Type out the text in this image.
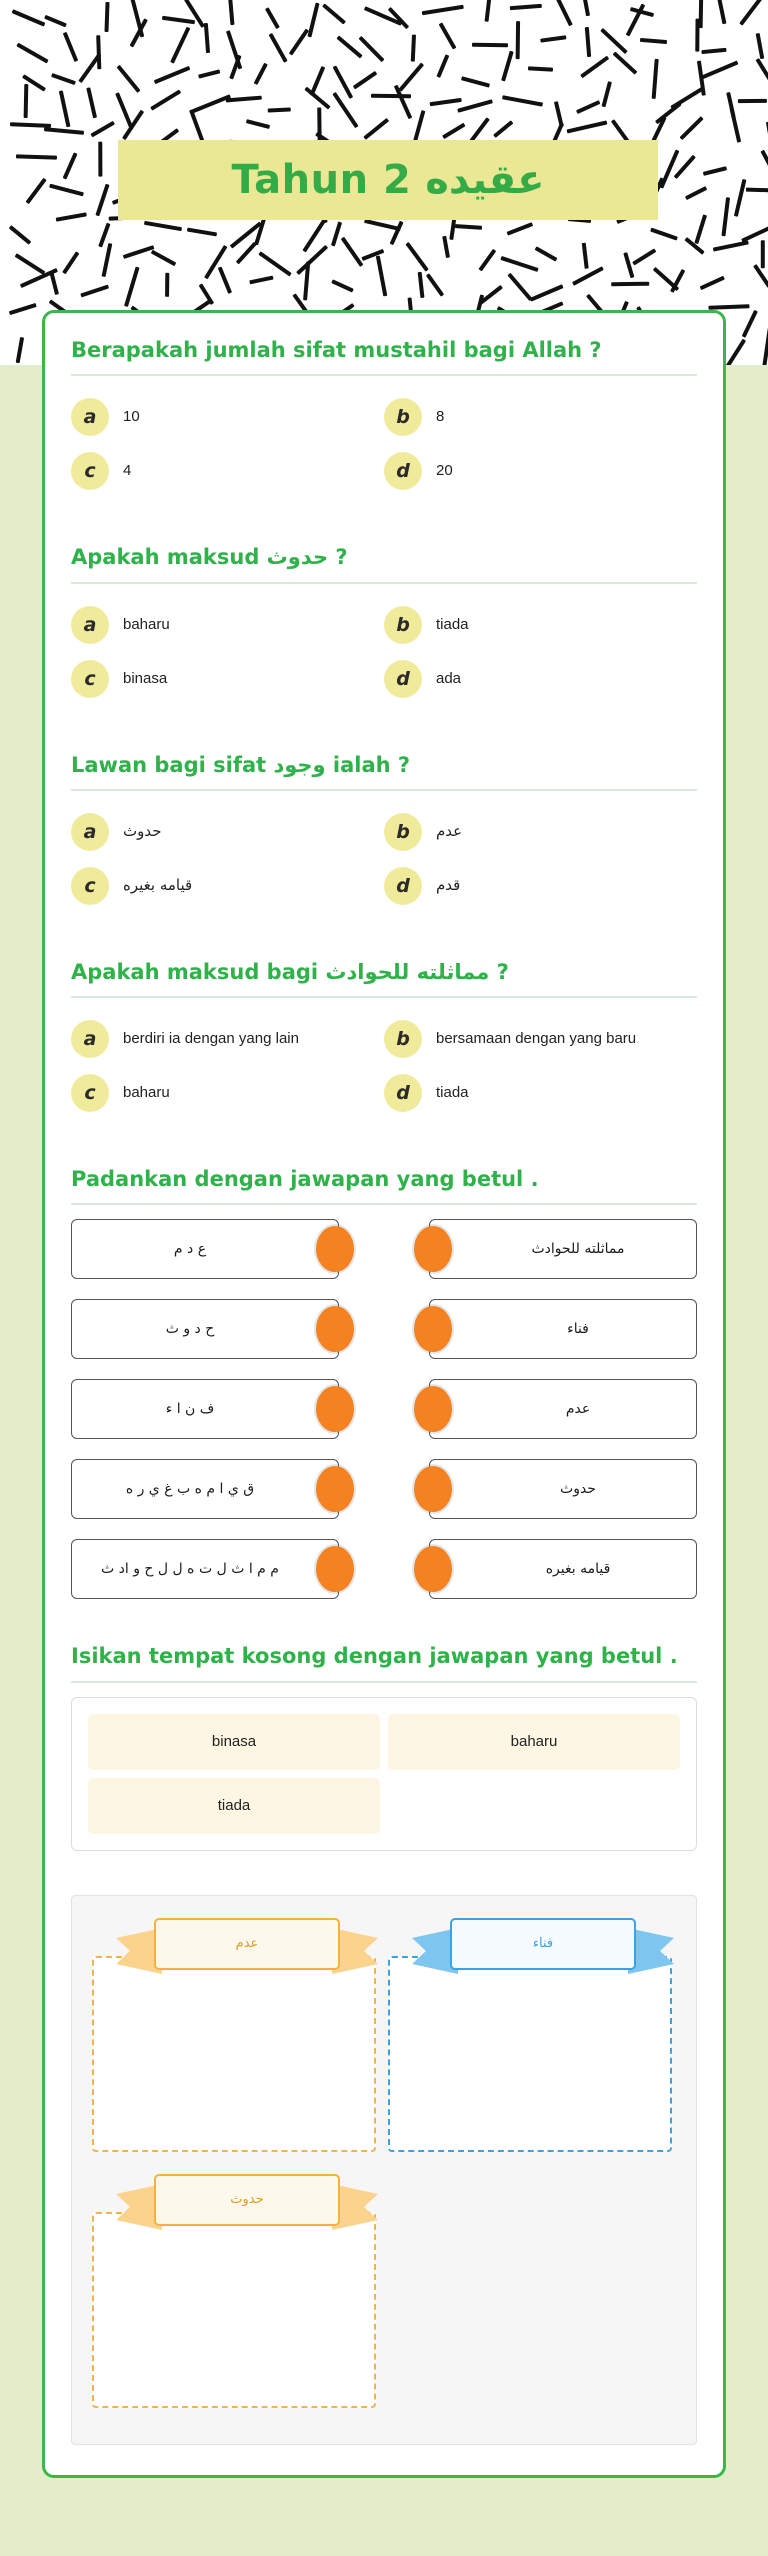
عقيده Tahun 2
Berapakah jumlah sifat mustahil bagi Allah ?
a	10	b	8
c	4	d	20
Apakah maksud حدوث ?
a	baharu	b	tiada
c	binasa	d	ada
Lawan bagi sifat وجود ialah ?
a	حدوث	b	عدم
c	قيامه بغيره	d	قدم
Apakah maksud bagi مماثلته للحوادث ?
a	berdiri ia dengan yang lain	b	bersamaan dengan yang baru
c	baharu	d	tiada
Padankan dengan jawapan yang betul .
ع د م	مماثلته للحوادث
ح د و ث	فناء
ف ن ا ء	عدم
ق ي ا م ه ب غ ي ر ه	حدوث
م م ا ث ل ت ه ل ل ح و اد ث	قيامه بغيره
Isikan tempat kosong dengan jawapan yang betul .
binasa	baharu
tiada
عدم	فناء
حدوث
